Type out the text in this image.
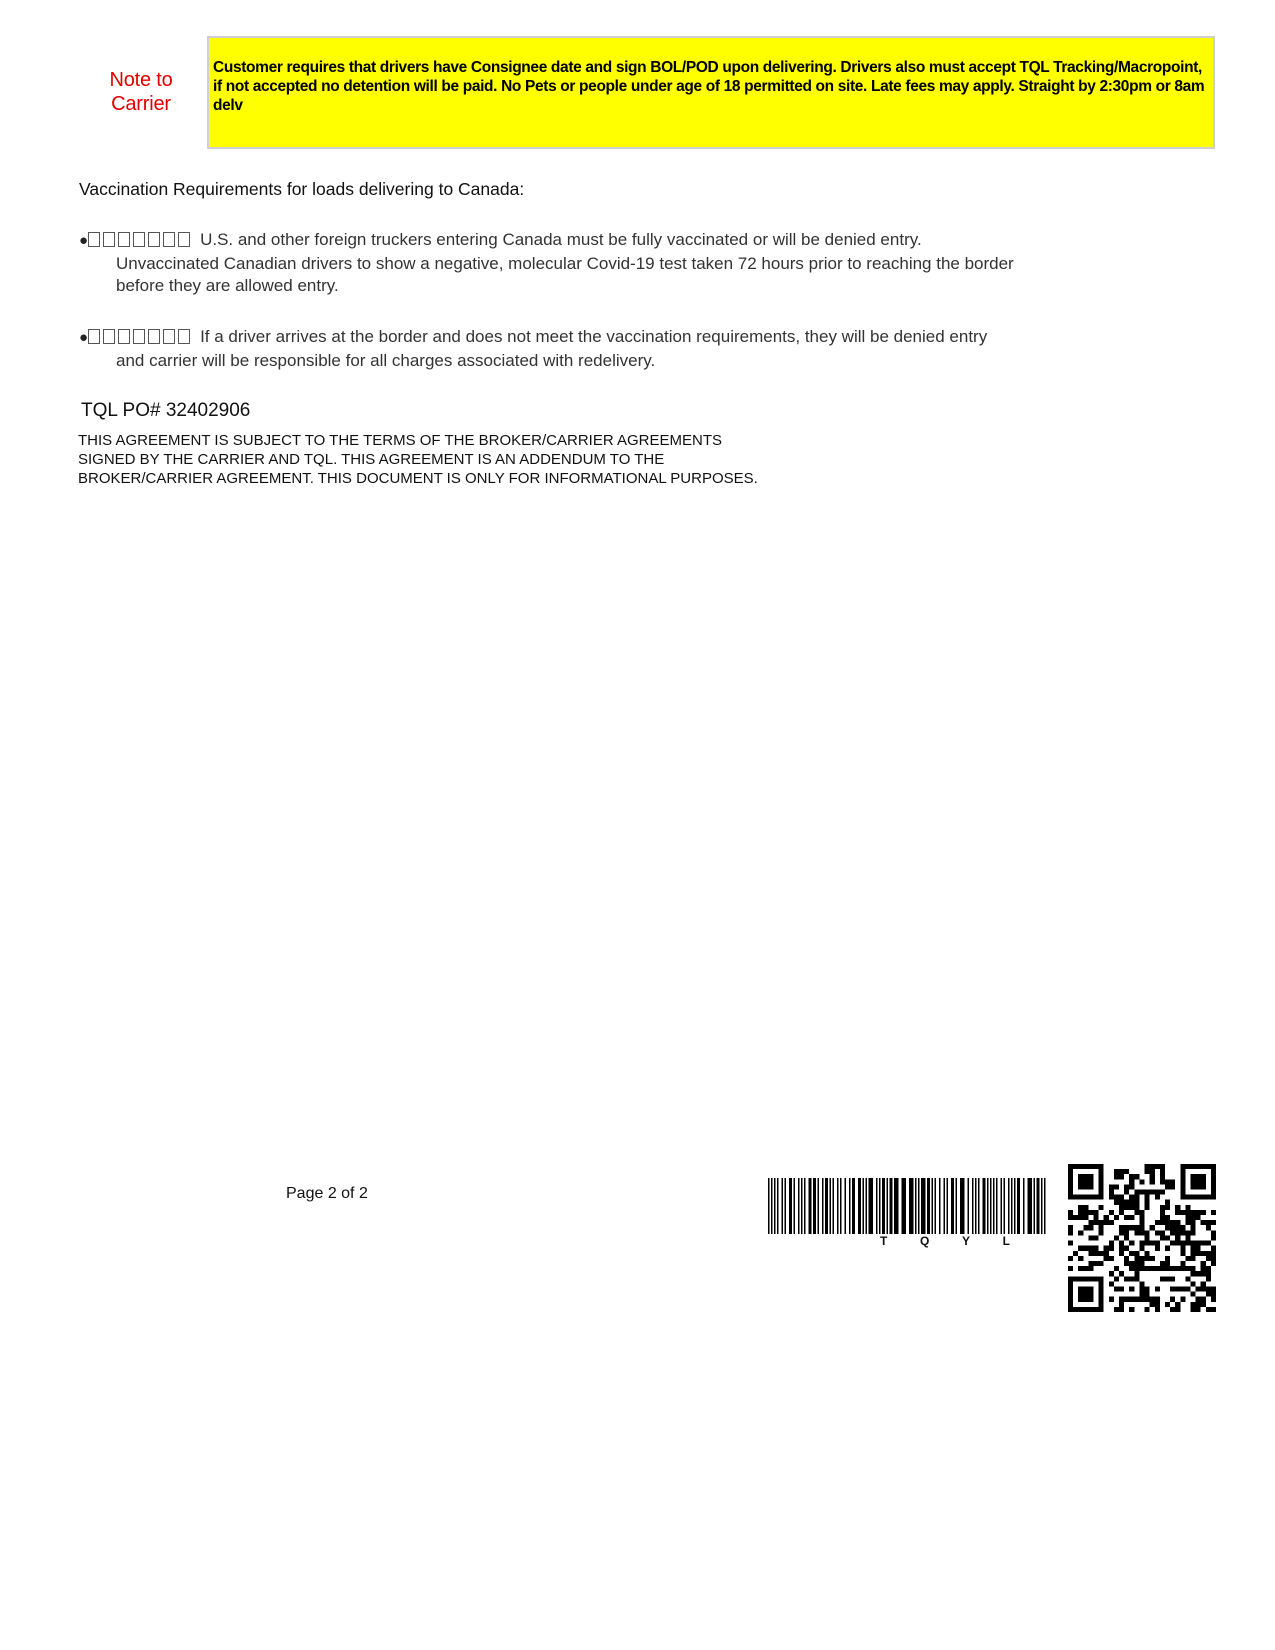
Note to Carrier
Customer requires that drivers have Consignee date and sign BOL/POD upon delivering. Drivers also must accept TQL Tracking/Macropoint, if not accepted no detention will be paid. No Pets or people under age of 18 permitted on site. Late fees may apply. Straight by 2:30pm or 8am delv
Vaccination Requirements for loads delivering to Canada:
●	U.S. and other foreign truckers entering Canada must be fully vaccinated or will be denied entry.
Unvaccinated Canadian drivers to show a negative, molecular Covid-19 test taken 72 hours prior to reaching the border before they are allowed entry.
●	If a driver arrives at the border and does not meet the vaccination requirements, they will be denied entry
and carrier will be responsible for all charges associated with redelivery.
TQL PO# 32402906
THIS AGREEMENT IS SUBJECT TO THE TERMS OF THE BROKER/CARRIER AGREEMENTS SIGNED BY THE CARRIER AND TQL. THIS AGREEMENT IS AN ADDENDUM TO THE BROKER/CARRIER AGREEMENT. THIS DOCUMENT IS ONLY FOR INFORMATIONAL PURPOSES.
Page 2 of 2
T	Q	Y	L
